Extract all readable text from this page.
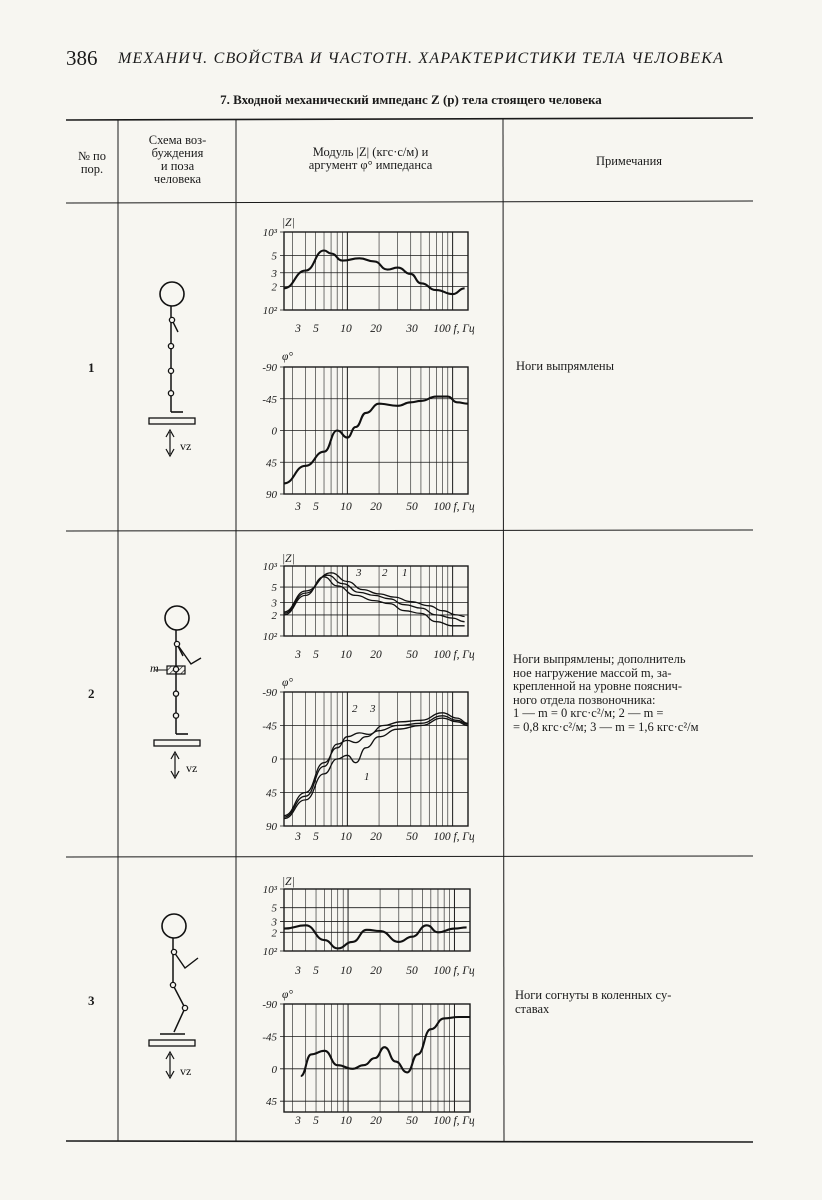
386 МЕХАНИЧ. СВОЙСТВА И ЧАСТОТН. ХАРАКТЕРИСТИКИ ТЕЛА ЧЕЛОВЕКА
7. Входной механический импеданс Z (p) тела стоящего человека
№ по
пор.
Схема воз-
буждения
и поза
человека
Модуль |Z| (кгс·с/м) и
аргумент φ° импеданса	Примечания
1
2
3
Ноги выпрямлены
Ноги выпрямлены; дополнитель
ное нагружение массой m, за-
крепленной на уровне пояснич-
ного отдела позвоночника:
1 — m = 0 кгс·с²/м; 2 — m =
= 0,8 кгс·с²/м; 3 — m = 1,6 кгс·с²/м
Ноги согнуты в коленных су-
ставах
vz
vz
vz
m
10³
5
3
2
10²
3 5 10 20 30 100 f, Гц
|Z|
-90
-45
0
45
90
3 5 10 20 50 100 f, Гц
φ°
10³
5
3
2
10²
3 5 10 20 50 100 f, Гц
|Z|
3 2 1
-90
-45
0
45
90
3 5 10 20 50 100 f, Гц
φ°
2 3
1
10³
5
3
2
10²
3 5 10 20 50 100 f, Гц
|Z|
-90
-45
0
45
3 5 10 20 50 100 f, Гц
φ°
